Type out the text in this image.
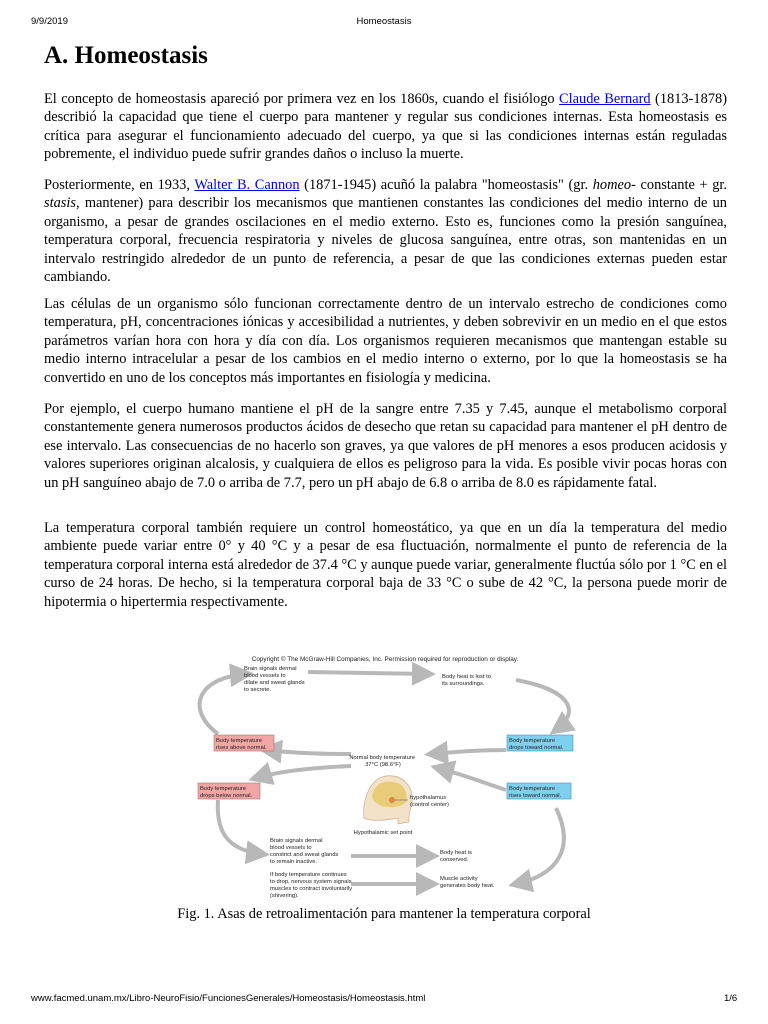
9/9/2019	Homeostasis
A. Homeostasis

El concepto de homeostasis apareció por primera vez en los 1860s, cuando el fisiólogo Claude Bernard (1813-1878) describió la capacidad que tiene el cuerpo para mantener y regular sus condiciones internas. Esta homeostasis es crítica para asegurar el funcionamiento adecuado del cuerpo, ya que si las condiciones internas están reguladas pobremente, el individuo puede sufrir grandes daños o incluso la muerte.

Posteriormente, en 1933, Walter B. Cannon (1871-1945) acuñó la palabra "homeostasis" (gr. homeo- constante + gr. stasis, mantener) para describir los mecanismos que mantienen constantes las condiciones del medio interno de un organismo, a pesar de grandes oscilaciones en el medio externo. Esto es, funciones como la presión sanguínea, temperatura corporal, frecuencia respiratoria y niveles de glucosa sanguínea, entre otras, son mantenidas en un intervalo restringido alrededor de un punto de referencia, a pesar de que las condiciones externas pueden estar cambiando.

Las células de un organismo sólo funcionan correctamente dentro de un intervalo estrecho de condiciones como temperatura, pH, concentraciones iónicas y accesibilidad a nutrientes, y deben sobrevivir en un medio en el que estos parámetros varían hora con hora y día con día. Los organismos requieren mecanismos que mantengan estable su medio interno intracelular a pesar de los cambios en el medio interno o externo, por lo que la homeostasis se ha convertido en uno de los conceptos más importantes en fisiología y medicina.

Por ejemplo, el cuerpo humano mantiene el pH de la sangre entre 7.35 y 7.45, aunque el metabolismo corporal constantemente genera numerosos productos ácidos de desecho que retan su capacidad para mantener el pH dentro de ese intervalo. Las consecuencias de no hacerlo son graves, ya que valores de pH menores a esos producen acidosis y valores superiores originan alcalosis, y cualquiera de ellos es peligroso para la vida. Es posible vivir pocas horas con un pH sanguíneo abajo de 7.0 o arriba de 7.7, pero un pH abajo de 6.8 o arriba de 8.0 es rápidamente fatal.

La temperatura corporal también requiere un control homeostático, ya que en un día la temperatura del medio ambiente puede variar entre 0° y 40 °C y a pesar de esa fluctuación, normalmente el punto de referencia de la temperatura corporal interna está alrededor de 37.4 °C y aunque puede variar, generalmente fluctúa sólo por 1 °C en el curso de 24 horas. De hecho, si la temperatura corporal baja de 33 °C o sube de 42 °C, la persona puede morir de hipotermia o hipertermia respectivamente.

Copyright © The McGraw-Hill Companies, Inc. Permission required for reproduction or display.
Brain signals dermal blood vessels to dilate and sweat glands to secrete.
Body heat is lost to its surroundings.
Body temperature rises above normal.
Body temperature drops toward normal.
Normal body temperature 37°C (98.6°F)
hypothalamus (control center)
Hypothalamic set point
Body temperature drops below normal.
Body temperature rises toward normal.
Brain signals dermal blood vessels to constrict and sweat glands to remain inactive.
Body heat is conserved.
If body temperature continues to drop, nervous system signals muscles to contract involuntarily (shivering).
Muscle activity generates body heat.
Fig. 1. Asas de retroalimentación para mantener la temperatura corporal
www.facmed.unam.mx/Libro-NeuroFisio/FuncionesGenerales/Homeostasis/Homeostasis.html	1/6
